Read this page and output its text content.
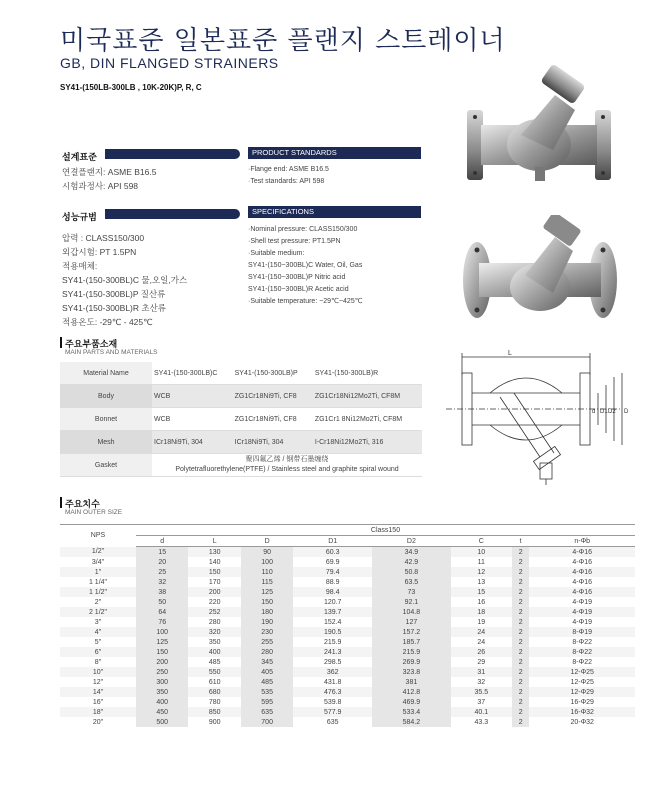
미국표준 일본표준 플랜지 스트레이너
GB, DIN FLANGED STRAINERS
SY41-(150LB-300LB , 10K-20K)P, R, C
설계표준	PRODUCT STANDARDS
연결플랜지: ASME B16.5
시험과정사: API 598
·Flange end: ASME B16.5
·Test standards: API 598
성능규범
SPECIFICATIONS
압력 : CLASS150/300
외갑시험: PT 1.5PN
적용매체:
SY41-(150-300BL)C 물,오일,가스
SY41-(150-300BL)P 질산류
SY41-(150-300BL)R 초산류
적용온도: -29℃ - 425℃
·Nominal pressure: CLASS150/300
·Shell test pressure: PT1.5PN
·Suitable medium:
SY41-(150~300BL)C Water, Oil, Gas
SY41-(150~300BL)P Nitric acid
SY41-(150~300BL)R Acetic acid
·Suitable temperature: ~29℃~425℃
주요부품소재
MAIN PARTS AND MATERIALS
Material Name	SY41-(150-300LB)C	SY41-(150-300LB)P	SY41-(150-300LB)R
Body	WCB	ZG1Cr18Ni9Ti, CF8	ZG1Cr18Ni12Mo2Ti, CF8M
Bonnet	WCB	ZG1Cr18Ni9Ti, CF8	ZG1Cr1 8Ni12Mo2Ti, CF8M
Mesh	ICr18Ni9Ti, 304	ICr18Ni9Ti, 304	I-Cr18Ni12Mo2Ti, 316
Gasket	聚四氟乙烯 / 钢带石墨缠绕
Polytetrafluorethylene(PTFE) / Stainless steel and graphite spiral wound		
L
d D1 D2 D
주요치수
MAIN OUTER SIZE
NPS	Class150							
	d	L	D	D1	D2	C	t	n-Φb
1/2"	15	130	90	60.3	34.9	10	2	4-Φ16
3/4"	20	140	100	69.9	42.9	11	2	4-Φ16
1"	25	150	110	79.4	50.8	12	2	4-Φ16
1 1/4"	32	170	115	88.9	63.5	13	2	4-Φ16
1 1/2"	38	200	125	98.4	73	15	2	4-Φ16
2"	50	220	150	120.7	92.1	16	2	4-Φ19
2 1/2"	64	252	180	139.7	104.8	18	2	4-Φ19
3"	76	280	190	152.4	127	19	2	4-Φ19
4"	100	320	230	190.5	157.2	24	2	8-Φ19
5"	125	350	255	215.9	185.7	24	2	8-Φ22
6"	150	400	280	241.3	215.9	26	2	8-Φ22
8"	200	485	345	298.5	269.9	29	2	8-Φ22
10"	250	550	405	362	323.8	31	2	12-Φ25
12"	300	610	485	431.8	381	32	2	12-Φ25
14"	350	680	535	476.3	412.8	35.5	2	12-Φ29
16"	400	780	595	539.8	469.9	37	2	16-Φ29
18"	450	850	635	577.9	533.4	40.1	2	16-Φ32
20"	500	900	700	635	584.2	43.3	2	20-Φ32
